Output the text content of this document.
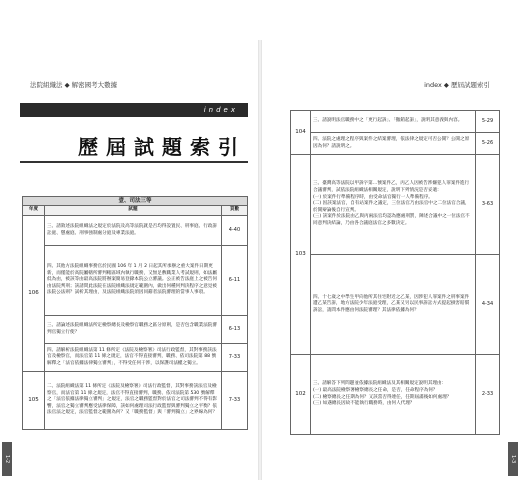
法院組織法 ◆ 解密國考大數據	index ◆ 歷屆試題索引
index
歷屆試題索引
壹、司法三等		
年度	試題	頁數
106	三、請敘述法院組織法之規定於法院及高等法院就是否均得設置民、刑事庭、行政訴訟庭、懲處庭、刑事強制處分庭及專業法庭。	4-40
	四、其他方法院組織事務官於民國 106 年 1 月 2 日起其所承辦之重大案件日期更新，而僅能於高院屬轄所審判轄區域內執行職務，又無足敷職業人考試規則，如法屬低為由，被該等由最高法院將辦案簡易登錄本院公立審議。公正被告法庭上之被告何由法院判刑；該請問此法院在法院組織法規定範圍內，做出何種何判決程序之意見被法院公法則？試析其理由，及法院組織法院須因同辭者法院審理的當事人事項。	6-11
	三、請論述法院組織法所定檢察總長及檢察官職務之區分原則，是否包含職業法院審判官獨立行使？	6-13
	四、請解析法院組織法第 11 條所定《法院及檢察署》司法行政監督，其對事務該法官及檢察官，而法官第 11 條之規定，法官不得直接審判，職務、依司法院第 88 號解釋之「法官依據法律獨立審判」，不得受任何干涉，以保護司法權之獨立。	7-33
105	二、法院組織法第 11 條所定《法院及檢察署》司法行政監督，其對事務該法官及檢察官，而法官第 11 條之規定，法官不得直接審判，職務、依司法院第 530 號解釋之「法官依據法律獨立審判」之規定，法官之職務監督對於法官之司法審判不得有影響，法官之獨立審判應受法律保障，該如何處理司法行政監督與審判獨立之平衡？依法官法之規定，法官監督之範圍為何？又「職務監督」與「審判獨立」之界線為何？	7-33
104	三、請說明法官職務中之「更行起訴」、「撤銷起訴」，說明其意義與內容。	5-29
	四、法院之處理之程序與案件之結案審理，依法律之規定可否公開？公開之原因為何？請說明之。	5-26
103	三、臺灣高等法院以甲訴字第…號案件乙，丙乙人因被告涉嫌犯人罪案件進行合議審判，試依法院組織法相關規定，說明下列情況是否妥適：
(一) 於案件行準備程序時，由受命法官獨行一人準備程序。
(二) 因該案法官，自有站案件之議定，三位法官乃由法官中之二位法官合議，於開辯論後自行宣判。
(三) 該案件於法院由乙與丙兩法官均認為應處刑罰，陳述合議中之一位法官不同意判決結論，乃由各合議庭法官之多數決定。	3-63
	四、十七歲之中學生甲向他所其住宅附近之乙某，因涉犯人罪案件之刑事案件遭乙某告訴，地方法院少年法庭受理，乙某又另以民事訴訟方式提起損害賠償訴訟，請問本件應由何法院審理？其法律依據為何？	4-34
102	三、請解答下列問題並依據法院組織法及其相關規定說明其理由：
(一) 最高法院檢察署檢察總長之任命，是否，任命程序為何？
(二) 檢察總長之任期為何？又該當否得連任，任期屆滿後如何處理？
(三) 如遇總長因故不能執行職務時，由何人代理？	2-33
1-2	1-3
